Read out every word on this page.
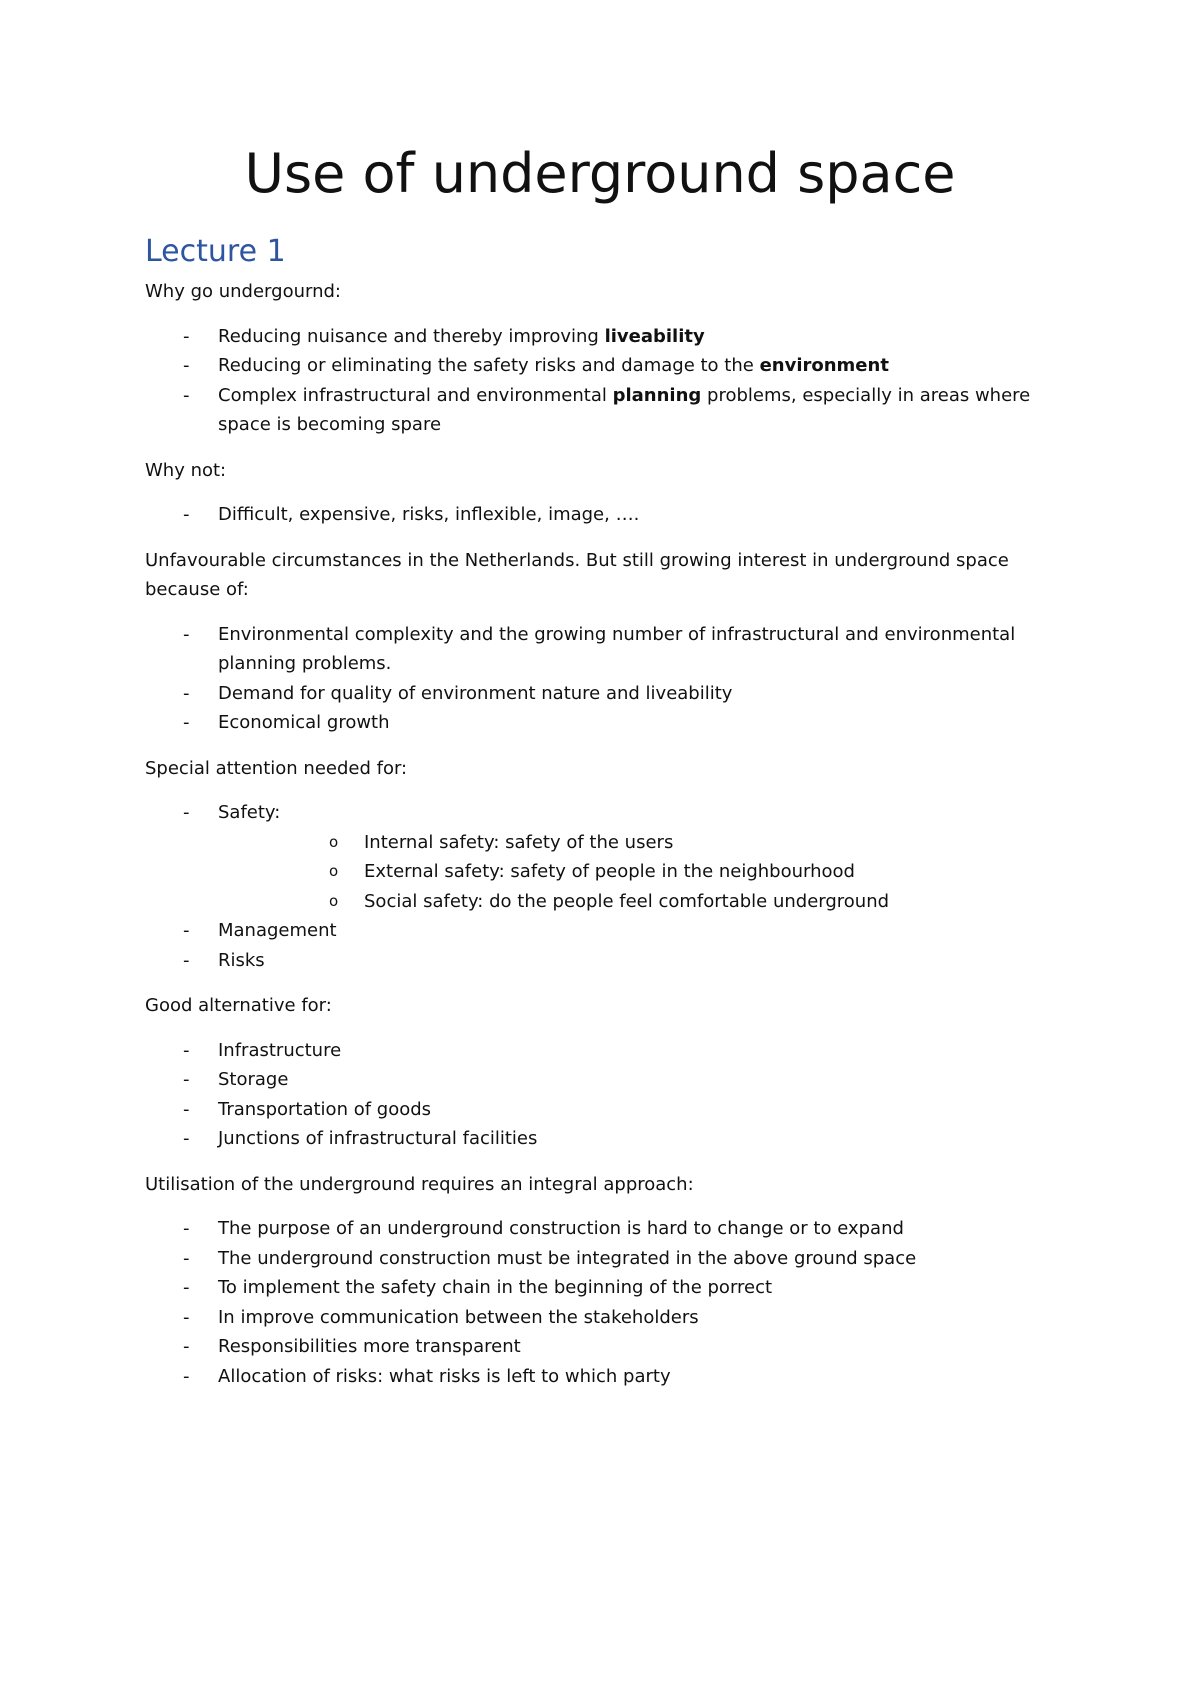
Use of underground space
Lecture 1

Why go undergournd:

- Reducing nuisance and thereby improving liveability
- Reducing or eliminating the safety risks and damage to the environment
- Complex infrastructural and environmental planning problems, especially in areas where space is becoming spare

Why not:

- Difficult, expensive, risks, inflexible, image, ….

Unfavourable circumstances in the Netherlands. But still growing interest in underground space because of:

- Environmental complexity and the growing number of infrastructural and environmental planning problems.
- Demand for quality of environment nature and liveability
- Economical growth

Special attention needed for:

- Safety:
o Internal safety: safety of the users
o External safety: safety of people in the neighbourhood
o Social safety: do the people feel comfortable underground
- Management
- Risks

Good alternative for:

- Infrastructure
- Storage
- Transportation of goods
- Junctions of infrastructural facilities

Utilisation of the underground requires an integral approach:

- The purpose of an underground construction is hard to change or to expand
- The underground construction must be integrated in the above ground space
- To implement the safety chain in the beginning of the porrect
- In improve communication between the stakeholders
- Responsibilities more transparent
- Allocation of risks: what risks is left to which party
